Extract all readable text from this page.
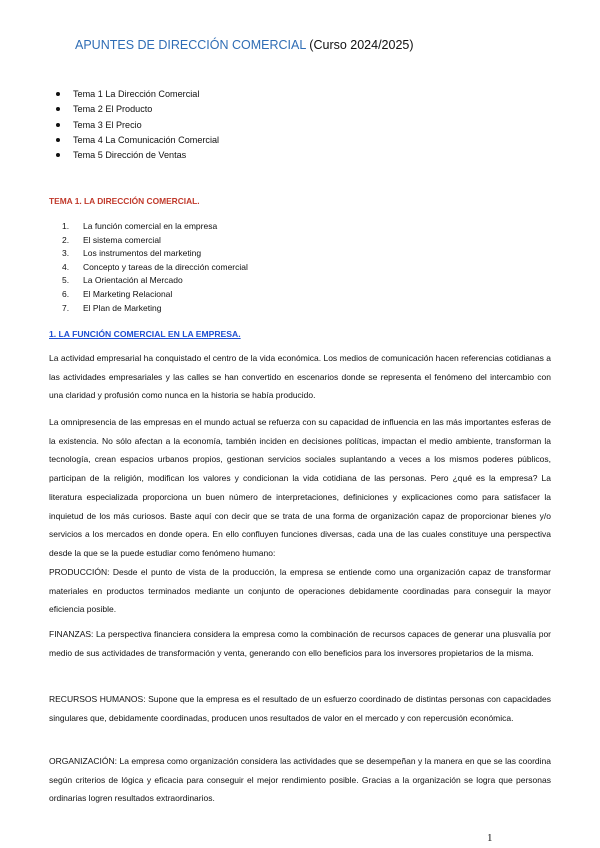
APUNTES DE DIRECCIÓN COMERCIAL (Curso 2024/2025)
Tema 1 La Dirección Comercial
Tema 2 El Producto
Tema 3 El Precio
Tema 4 La Comunicación Comercial
Tema 5 Dirección de Ventas
TEMA 1. LA DIRECCIÓN COMERCIAL.
1. La función comercial en la empresa
2. El sistema comercial
3. Los instrumentos del marketing
4. Concepto y tareas de la dirección comercial
5. La Orientación al Mercado
6. El Marketing Relacional
7. El Plan de Marketing
1. LA FUNCIÓN COMERCIAL EN LA EMPRESA.

La actividad empresarial ha conquistado el centro de la vida económica. Los medios de comunicación hacen referencias cotidianas a las actividades empresariales y las calles se han convertido en escenarios donde se representa el fenómeno del intercambio con una claridad y profusión como nunca en la historia se había producido.

La omnipresencia de las empresas en el mundo actual se refuerza con su capacidad de influencia en las más importantes esferas de la existencia. No sólo afectan a la economía, también inciden en decisiones políticas, impactan el medio ambiente, transforman la tecnología, crean espacios urbanos propios, gestionan servicios sociales suplantando a veces a los mismos poderes públicos, participan de la religión, modifican los valores y condicionan la vida cotidiana de las personas. Pero ¿qué es la empresa? La literatura especializada proporciona un buen número de interpretaciones, definiciones y explicaciones como para satisfacer la inquietud de los más curiosos. Baste aquí con decir que se trata de una forma de organización capaz de proporcionar bienes y/o servicios a los mercados en donde opera. En ello confluyen funciones diversas, cada una de las cuales constituye una perspectiva desde la que se la puede estudiar como fenómeno humano:

PRODUCCIÓN: Desde el punto de vista de la producción, la empresa se entiende como una organización capaz de transformar materiales en productos terminados mediante un conjunto de operaciones debidamente coordinadas para conseguir la mayor eficiencia posible.

FINANZAS: La perspectiva financiera considera la empresa como la combinación de recursos capaces de generar una plusvalía por medio de sus actividades de transformación y venta, generando con ello beneficios para los inversores propietarios de la misma.

RECURSOS HUMANOS: Supone que la empresa es el resultado de un esfuerzo coordinado de distintas personas con capacidades singulares que, debidamente coordinadas, producen unos resultados de valor en el mercado y con repercusión económica.

ORGANIZACIÓN: La empresa como organización considera las actividades que se desempeñan y la manera en que se las coordina según criterios de lógica y eficacia para conseguir el mejor rendimiento posible. Gracias a la organización se logra que personas ordinarias logren resultados extraordinarios.

1
